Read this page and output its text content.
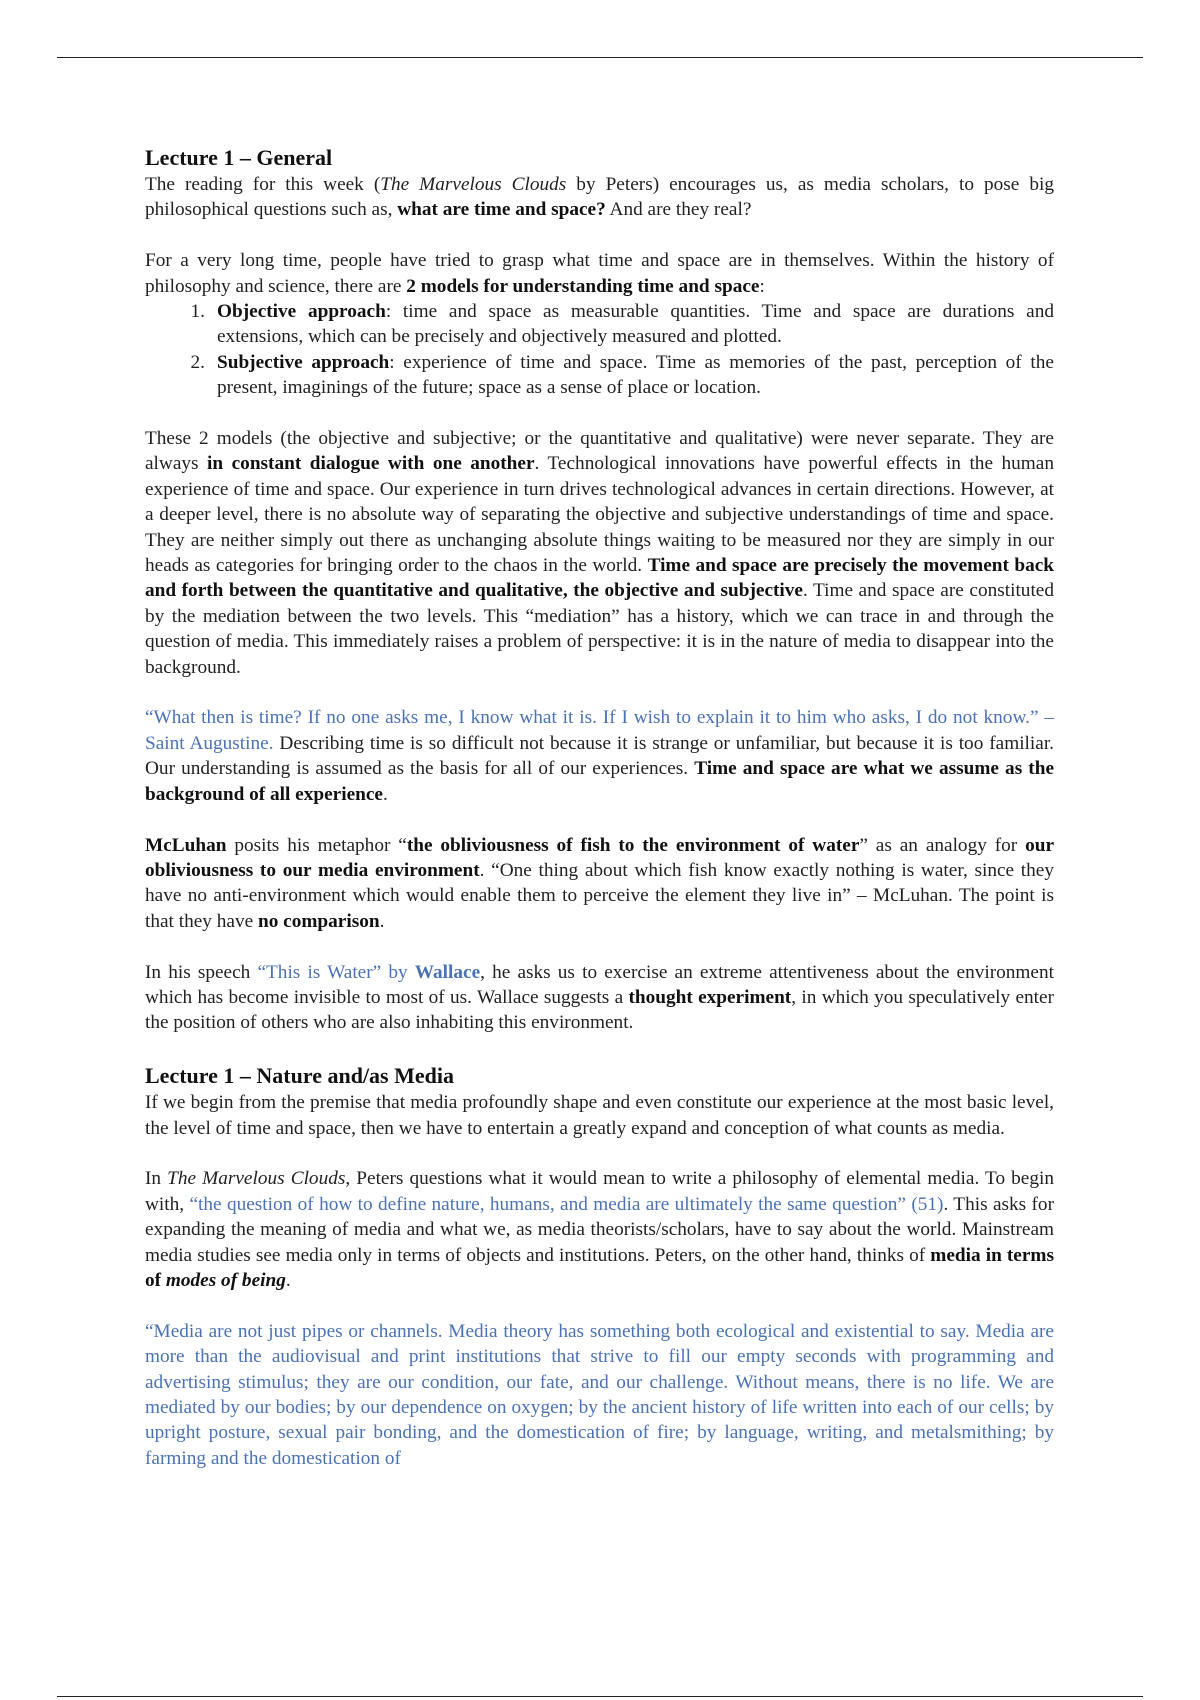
Lecture 1 – General

The reading for this week (The Marvelous Clouds by Peters) encourages us, as media scholars, to pose big philosophical questions such as, what are time and space? And are they real?

For a very long time, people have tried to grasp what time and space are in themselves. Within the history of philosophy and science, there are 2 models for understanding time and space:

1. Objective approach: time and space as measurable quantities. Time and space are durations and extensions, which can be precisely and objectively measured and plotted.
2. Subjective approach: experience of time and space. Time as memories of the past, perception of the present, imaginings of the future; space as a sense of place or location.

These 2 models (the objective and subjective; or the quantitative and qualitative) were never separate. They are always in constant dialogue with one another. Technological innovations have powerful effects in the human experience of time and space. Our experience in turn drives technological advances in certain directions. However, at a deeper level, there is no absolute way of separating the objective and subjective understandings of time and space. They are neither simply out there as unchanging absolute things waiting to be measured nor they are simply in our heads as categories for bringing order to the chaos in the world. Time and space are precisely the movement back and forth between the quantitative and qualitative, the objective and subjective. Time and space are constituted by the mediation between the two levels. This “mediation” has a history, which we can trace in and through the question of media. This immediately raises a problem of perspective: it is in the nature of media to disappear into the background.

“What then is time? If no one asks me, I know what it is. If I wish to explain it to him who asks, I do not know.” – Saint Augustine. Describing time is so difficult not because it is strange or unfamiliar, but because it is too familiar. Our understanding is assumed as the basis for all of our experiences. Time and space are what we assume as the background of all experience.

McLuhan posits his metaphor “the obliviousness of fish to the environment of water” as an analogy for our obliviousness to our media environment. “One thing about which fish know exactly nothing is water, since they have no anti-environment which would enable them to perceive the element they live in” – McLuhan. The point is that they have no comparison.

In his speech “This is Water” by Wallace, he asks us to exercise an extreme attentiveness about the environment which has become invisible to most of us. Wallace suggests a thought experiment, in which you speculatively enter the position of others who are also inhabiting this environment.

Lecture 1 – Nature and/as Media

If we begin from the premise that media profoundly shape and even constitute our experience at the most basic level, the level of time and space, then we have to entertain a greatly expand and conception of what counts as media.

In The Marvelous Clouds, Peters questions what it would mean to write a philosophy of elemental media. To begin with, “the question of how to define nature, humans, and media are ultimately the same question” (51). This asks for expanding the meaning of media and what we, as media theorists/scholars, have to say about the world. Mainstream media studies see media only in terms of objects and institutions. Peters, on the other hand, thinks of media in terms of modes of being.

“Media are not just pipes or channels. Media theory has something both ecological and existential to say. Media are more than the audiovisual and print institutions that strive to fill our empty seconds with programming and advertising stimulus; they are our condition, our fate, and our challenge. Without means, there is no life. We are mediated by our bodies; by our dependence on oxygen; by the ancient history of life written into each of our cells; by upright posture, sexual pair bonding, and the domestication of fire; by language, writing, and metalsmithing; by farming and the domestication of
